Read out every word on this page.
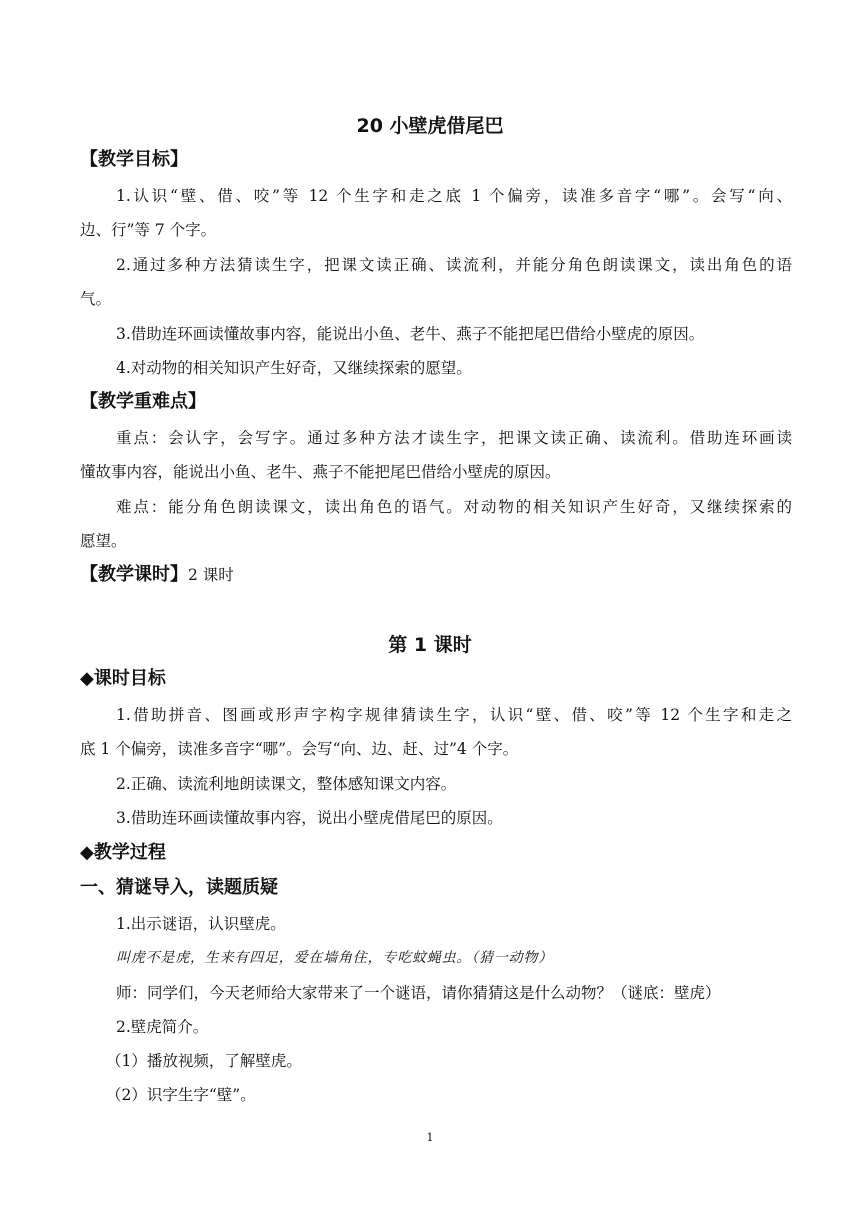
20 小壁虎借尾巴
【教学目标】
1.认识“壁、借、咬”等 12 个生字和走之底 1 个偏旁，读准多音字“哪”。会写“向、
边、行”等 7 个字。
2.通过多种方法猜读生字，把课文读正确、读流利，并能分角色朗读课文，读出角色的语
气。
3.借助连环画读懂故事内容，能说出小鱼、老牛、燕子不能把尾巴借给小壁虎的原因。
4.对动物的相关知识产生好奇，又继续探索的愿望。
【教学重难点】
重点：会认字，会写字。通过多种方法才读生字，把课文读正确、读流利。借助连环画读
懂故事内容，能说出小鱼、老牛、燕子不能把尾巴借给小壁虎的原因。
难点：能分角色朗读课文，读出角色的语气。对动物的相关知识产生好奇，又继续探索的
愿望。
【教学课时】2 课时
第 1 课时
◆课时目标
1.借助拼音、图画或形声字构字规律猜读生字，认识“壁、借、咬”等 12 个生字和走之
底 1 个偏旁，读准多音字“哪”。会写“向、边、赶、过”4 个字。
2.正确、读流利地朗读课文，整体感知课文内容。
3.借助连环画读懂故事内容，说出小壁虎借尾巴的原因。
◆教学过程
一、猜谜导入，读题质疑
1.出示谜语，认识壁虎。
叫虎不是虎，生来有四足，爱在墙角住，专吃蚊蝇虫。（猜一动物）
师：同学们，今天老师给大家带来了一个谜语，请你猜猜这是什么动物？（谜底：壁虎）
2.壁虎简介。
（1）播放视频，了解壁虎。
（2）识字生字“壁”。
1
